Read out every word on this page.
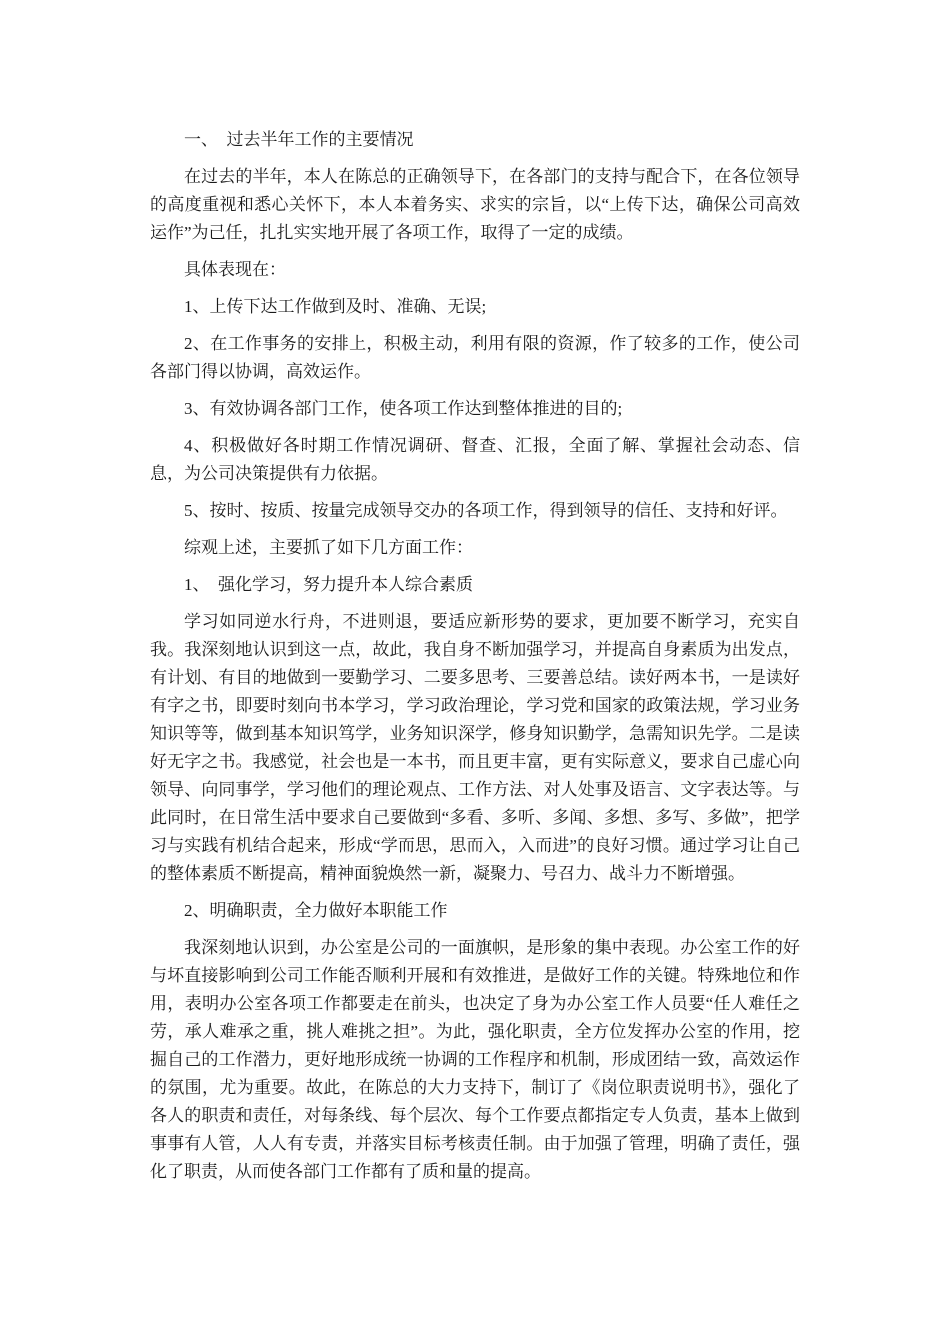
一、　过去半年工作的主要情况

在过去的半年，本人在陈总的正确领导下，在各部门的支持与配合下，在各位领导的高度重视和悉心关怀下，本人本着务实、求实的宗旨，以“上传下达，确保公司高效运作”为己任，扎扎实实地开展了各项工作，取得了一定的成绩。

具体表现在：

1、上传下达工作做到及时、准确、无误;

2、在工作事务的安排上，积极主动，利用有限的资源，作了较多的工作，使公司各部门得以协调，高效运作。

3、有效协调各部门工作，使各项工作达到整体推进的目的;

4、积极做好各时期工作情况调研、督查、汇报，全面了解、掌握社会动态、信息，为公司决策提供有力依据。

5、按时、按质、按量完成领导交办的各项工作，得到领导的信任、支持和好评。

综观上述，主要抓了如下几方面工作：

1、　强化学习，努力提升本人综合素质

学习如同逆水行舟，不进则退，要适应新形势的要求，更加要不断学习，充实自我。我深刻地认识到这一点，故此，我自身不断加强学习，并提高自身素质为出发点，有计划、有目的地做到一要勤学习、二要多思考、三要善总结。读好两本书，一是读好有字之书，即要时刻向书本学习，学习政治理论，学习党和国家的政策法规，学习业务知识等等，做到基本知识笃学，业务知识深学，修身知识勤学，急需知识先学。二是读好无字之书。我感觉，社会也是一本书，而且更丰富，更有实际意义，要求自己虚心向领导、向同事学，学习他们的理论观点、工作方法、对人处事及语言、文字表达等。与此同时，在日常生活中要求自己要做到“多看、多听、多闻、多想、多写、多做”，把学习与实践有机结合起来，形成“学而思，思而入，入而进”的良好习惯。通过学习让自己的整体素质不断提高，精神面貌焕然一新，凝聚力、号召力、战斗力不断增强。

2、明确职责，全力做好本职能工作

我深刻地认识到，办公室是公司的一面旗帜，是形象的集中表现。办公室工作的好与坏直接影响到公司工作能否顺利开展和有效推进，是做好工作的关键。特殊地位和作用，表明办公室各项工作都要走在前头，也决定了身为办公室工作人员要“任人难任之劳，承人难承之重，挑人难挑之担”。为此，强化职责，全方位发挥办公室的作用，挖掘自己的工作潜力，更好地形成统一协调的工作程序和机制，形成团结一致，高效运作的氛围，尤为重要。故此，在陈总的大力支持下，制订了《岗位职责说明书》，强化了各人的职责和责任，对每条线、每个层次、每个工作要点都指定专人负责，基本上做到事事有人管，人人有专责，并落实目标考核责任制。由于加强了管理，明确了责任，强化了职责，从而使各部门工作都有了质和量的提高。
